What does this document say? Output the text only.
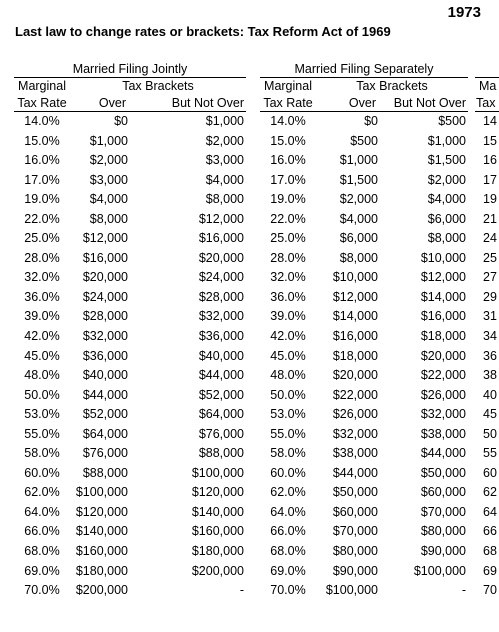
1973
Last law to change rates or brackets: Tax Reform Act of 1969
Married Filing Jointly
Marginal	Tax Brackets
Tax Rate	Over	But Not Over
14.0%	$0	$1,000
15.0%	$1,000	$2,000
16.0%	$2,000	$3,000
17.0%	$3,000	$4,000
19.0%	$4,000	$8,000
22.0%	$8,000	$12,000
25.0%	$12,000	$16,000
28.0%	$16,000	$20,000
32.0%	$20,000	$24,000
36.0%	$24,000	$28,000
39.0%	$28,000	$32,000
42.0%	$32,000	$36,000
45.0%	$36,000	$40,000
48.0%	$40,000	$44,000
50.0%	$44,000	$52,000
53.0%	$52,000	$64,000
55.0%	$64,000	$76,000
58.0%	$76,000	$88,000
60.0%	$88,000	$100,000
62.0%	$100,000	$120,000
64.0%	$120,000	$140,000
66.0%	$140,000	$160,000
68.0%	$160,000	$180,000
69.0%	$180,000	$200,000
70.0%	$200,000	-
Married Filing Separately
Marginal	Tax Brackets
Tax Rate	Over	But Not Over
14.0%	$0	$500
15.0%	$500	$1,000
16.0%	$1,000	$1,500
17.0%	$1,500	$2,000
19.0%	$2,000	$4,000
22.0%	$4,000	$6,000
25.0%	$6,000	$8,000
28.0%	$8,000	$10,000
32.0%	$10,000	$12,000
36.0%	$12,000	$14,000
39.0%	$14,000	$16,000
42.0%	$16,000	$18,000
45.0%	$18,000	$20,000
48.0%	$20,000	$22,000
50.0%	$22,000	$26,000
53.0%	$26,000	$32,000
55.0%	$32,000	$38,000
58.0%	$38,000	$44,000
60.0%	$44,000	$50,000
62.0%	$50,000	$60,000
64.0%	$60,000	$70,000
66.0%	$70,000	$80,000
68.0%	$80,000	$90,000
69.0%	$90,000	$100,000
70.0%	$100,000	-
Ma
Tax
14
15
16
17
19
21
24
25
27
29
31
34
36
38
40
45
50
55
60
62
64
66
68
69
70
